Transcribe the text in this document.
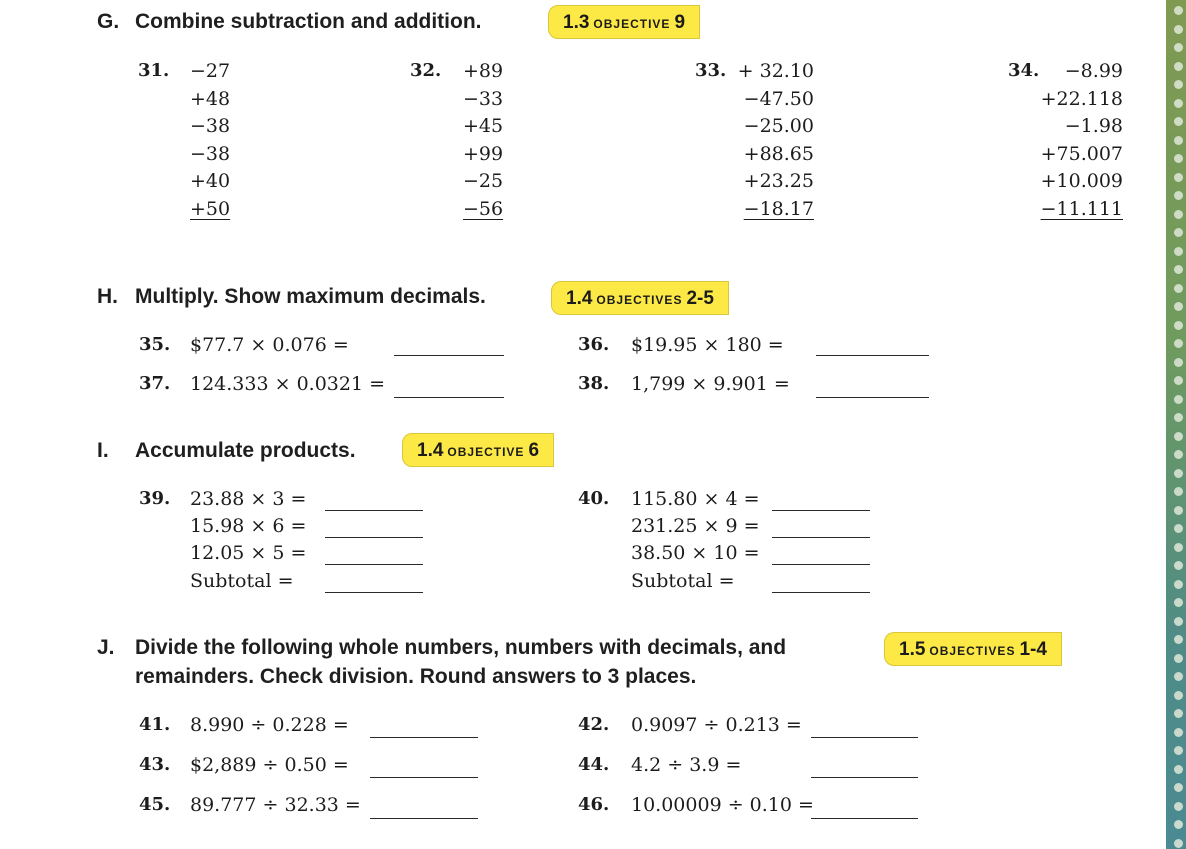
G. Combine subtraction and addition.	1.3 OBJECTIVE 9
31. −27
+48
−38
−38
+40
+50
32. +89
−33
+45
+99
−25
−56
33. + 32.10
−47.50
−25.00
+88.65
+23.25
−18.17
34.	−8.99
+22.118
−1.98
+75.007
+10.009
−11.111
H. Multiply. Show maximum decimals.	1.4 OBJECTIVES 2-5
35. $77.7 × 0.076 =	36. $19.95 × 180 =
37. 124.333 × 0.0321 =	38. 1,799 × 9.901 =
I. Accumulate products.	1.4 OBJECTIVE 6
39. 23.88 × 3 =
15.98 × 6 =
12.05 × 5 =
Subtotal =
40. 115.80 × 4 =
231.25 × 9 =
38.50 × 10 =
Subtotal =
J. Divide the following whole numbers, numbers with decimals, and
remainders. Check division. Round answers to 3 places.
1.5 OBJECTIVES 1-4
41. 8.990 ÷ 0.228 =	42. 0.9097 ÷ 0.213 =
43. $2,889 ÷ 0.50 =	44. 4.2 ÷ 3.9 =
45. 89.777 ÷ 32.33 =	46. 10.00009 ÷ 0.10 =
